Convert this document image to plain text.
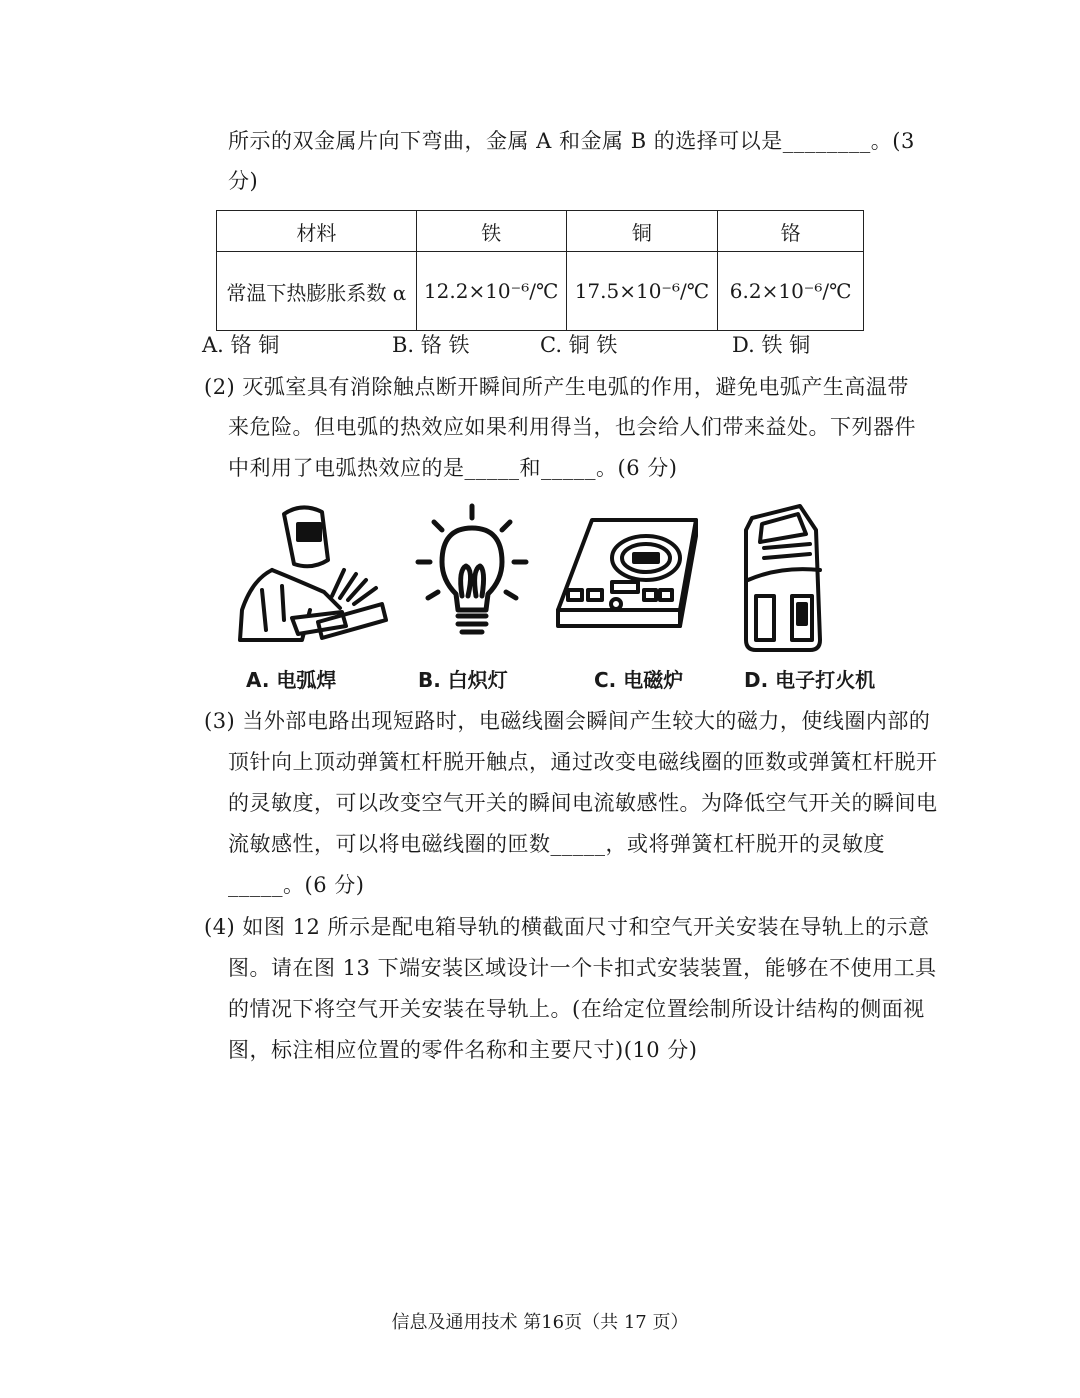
所示的双金属片向下弯曲，金属 A 和金属 B 的选择可以是________。(3
分)
材料	铁	铜	铬
常温下热膨胀系数 α	12.2×10⁻⁶/℃	17.5×10⁻⁶/℃	6.2×10⁻⁶/℃
A. 铬 铜	B. 铬 铁	C. 铜 铁	D. 铁 铜
(2) 灭弧室具有消除触点断开瞬间所产生电弧的作用，避免电弧产生高温带
来危险。但电弧的热效应如果利用得当，也会给人们带来益处。下列器件
中利用了电弧热效应的是_____和_____。(6 分)
A. 电弧焊	B. 白炽灯	C. 电磁炉	D. 电子打火机
(3) 当外部电路出现短路时，电磁线圈会瞬间产生较大的磁力，使线圈内部的
顶针向上顶动弹簧杠杆脱开触点，通过改变电磁线圈的匝数或弹簧杠杆脱开
的灵敏度，可以改变空气开关的瞬间电流敏感性。为降低空气开关的瞬间电
流敏感性，可以将电磁线圈的匝数_____，或将弹簧杠杆脱开的灵敏度
_____。(6 分)
(4) 如图 12 所示是配电箱导轨的横截面尺寸和空气开关安装在导轨上的示意
图。请在图 13 下端安装区域设计一个卡扣式安装装置，能够在不使用工具
的情况下将空气开关安装在导轨上。(在给定位置绘制所设计结构的侧面视
图，标注相应位置的零件名称和主要尺寸)(10 分)
信息及通用技术 第16页（共 17 页）
